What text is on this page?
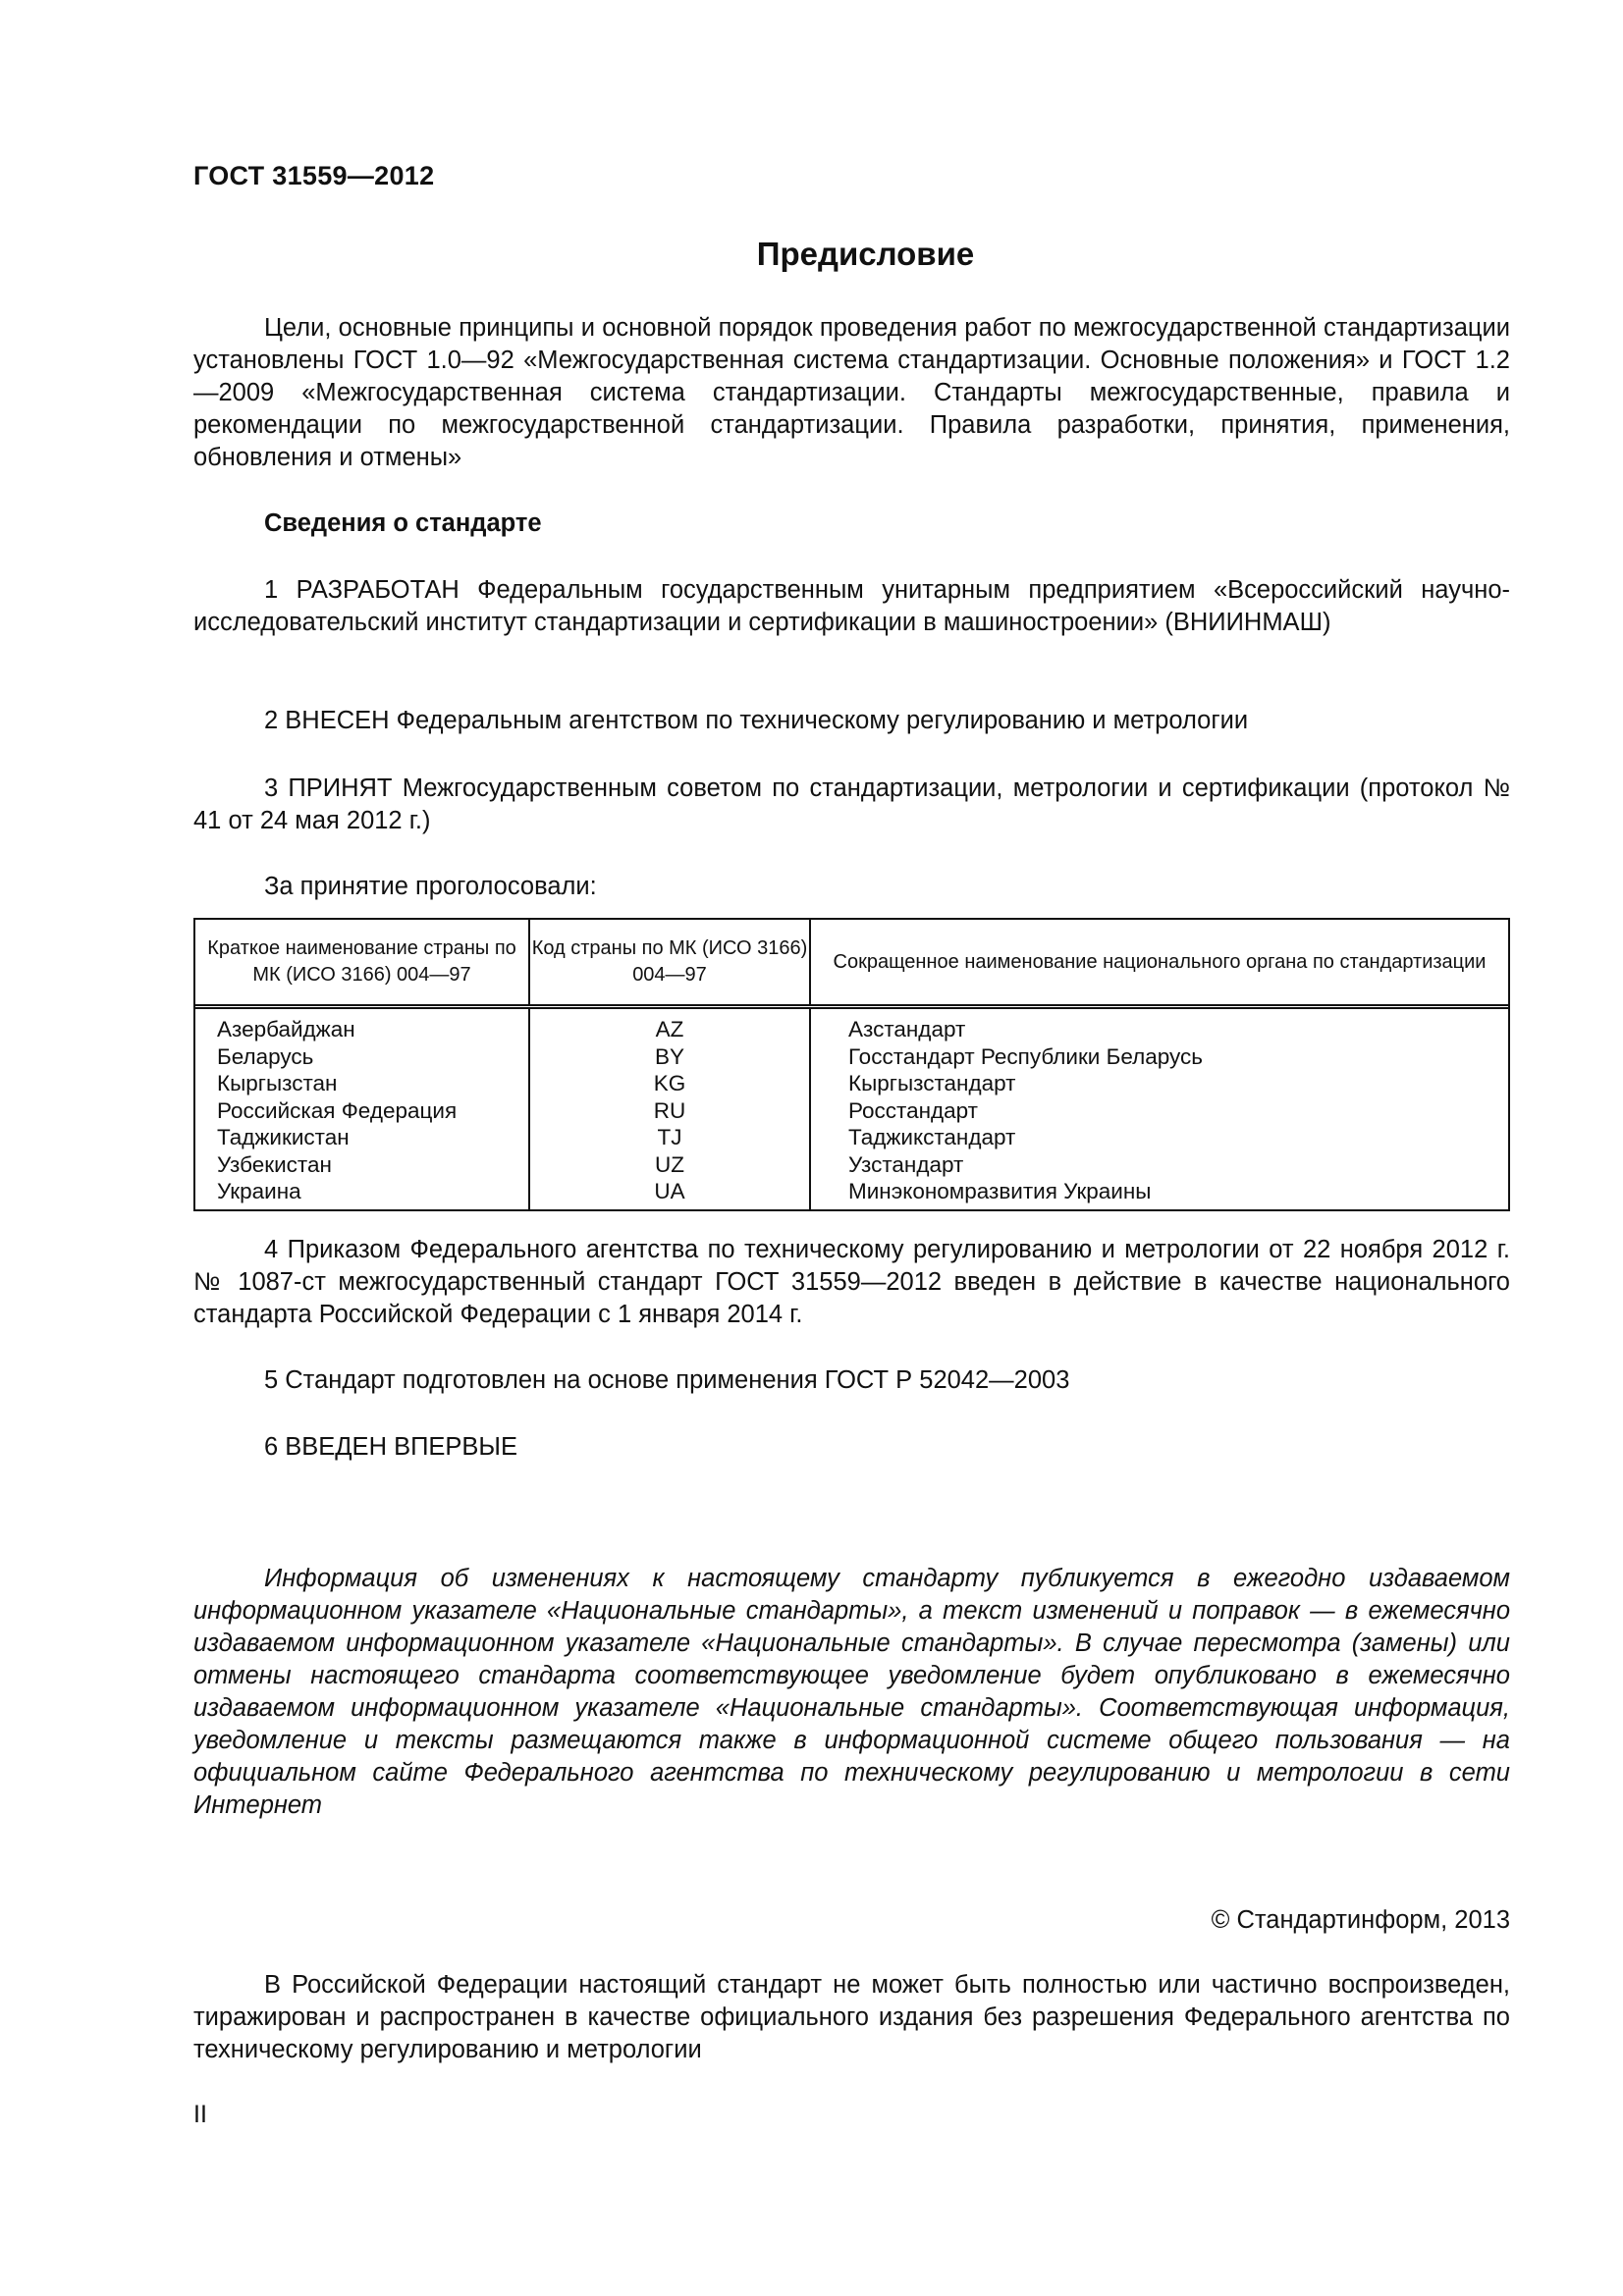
ГОСТ 31559—2012
Предисловие

Цели, основные принципы и основной порядок проведения работ по межгосударственной стандартизации установлены ГОСТ 1.0—92 «Межгосударственная система стандартизации. Основные положения» и ГОСТ 1.2—2009 «Межгосударственная система стандартизации. Стандарты межгосударственные, правила и рекомендации по межгосударственной стандартизации. Правила разработки, принятия, применения, обновления и отмены»

Сведения о стандарте

1 РАЗРАБОТАН Федеральным государственным унитарным предприятием «Всероссийский научно-исследовательский институт стандартизации и сертификации в машиностроении» (ВНИИНМАШ)

2 ВНЕСЕН Федеральным агентством по техническому регулированию и метрологии

3 ПРИНЯТ Межгосударственным советом по стандартизации, метрологии и сертификации (протокол № 41 от 24 мая 2012 г.)

За принятие проголосовали:

Краткое наименование страны по МК (ИСО 3166) 004—97
Код страны по МК (ИСО 3166) 004—97
Сокращенное наименование национального органа по стандартизации
Азербайджан
Беларусь
Кыргызстан
Российская Федерация
Таджикистан
Узбекистан
Украина
AZ
BY
KG
RU
TJ
UZ
UA
Азстандарт
Госстандарт Республики Беларусь
Кыргызстандарт
Росстандарт
Таджикстандарт
Узстандарт
Минэкономразвития Украины

4 Приказом Федерального агентства по техническому регулированию и метрологии от 22 ноября 2012 г. № 1087-ст межгосударственный стандарт ГОСТ 31559—2012 введен в действие в качестве национального стандарта Российской Федерации с 1 января 2014 г.

5 Стандарт подготовлен на основе применения ГОСТ Р 52042—2003

6 ВВЕДЕН ВПЕРВЫЕ

Информация об изменениях к настоящему стандарту публикуется в ежегодно издаваемом информационном указателе «Национальные стандарты», а текст изменений и поправок — в ежемесячно издаваемом информационном указателе «Национальные стандарты». В случае пересмотра (замены) или отмены настоящего стандарта соответствующее уведомление будет опубликовано в ежемесячно издаваемом информационном указателе «Национальные стандарты». Соответствующая информация, уведомление и тексты размещаются также в информационной системе общего пользования — на официальном сайте Федерального агентства по техническому регулированию и метрологии в сети Интернет

© Стандартинформ, 2013

В Российской Федерации настоящий стандарт не может быть полностью или частично воспроизведен, тиражирован и распространен в качестве официального издания без разрешения Федерального агентства по техническому регулированию и метрологии

II
